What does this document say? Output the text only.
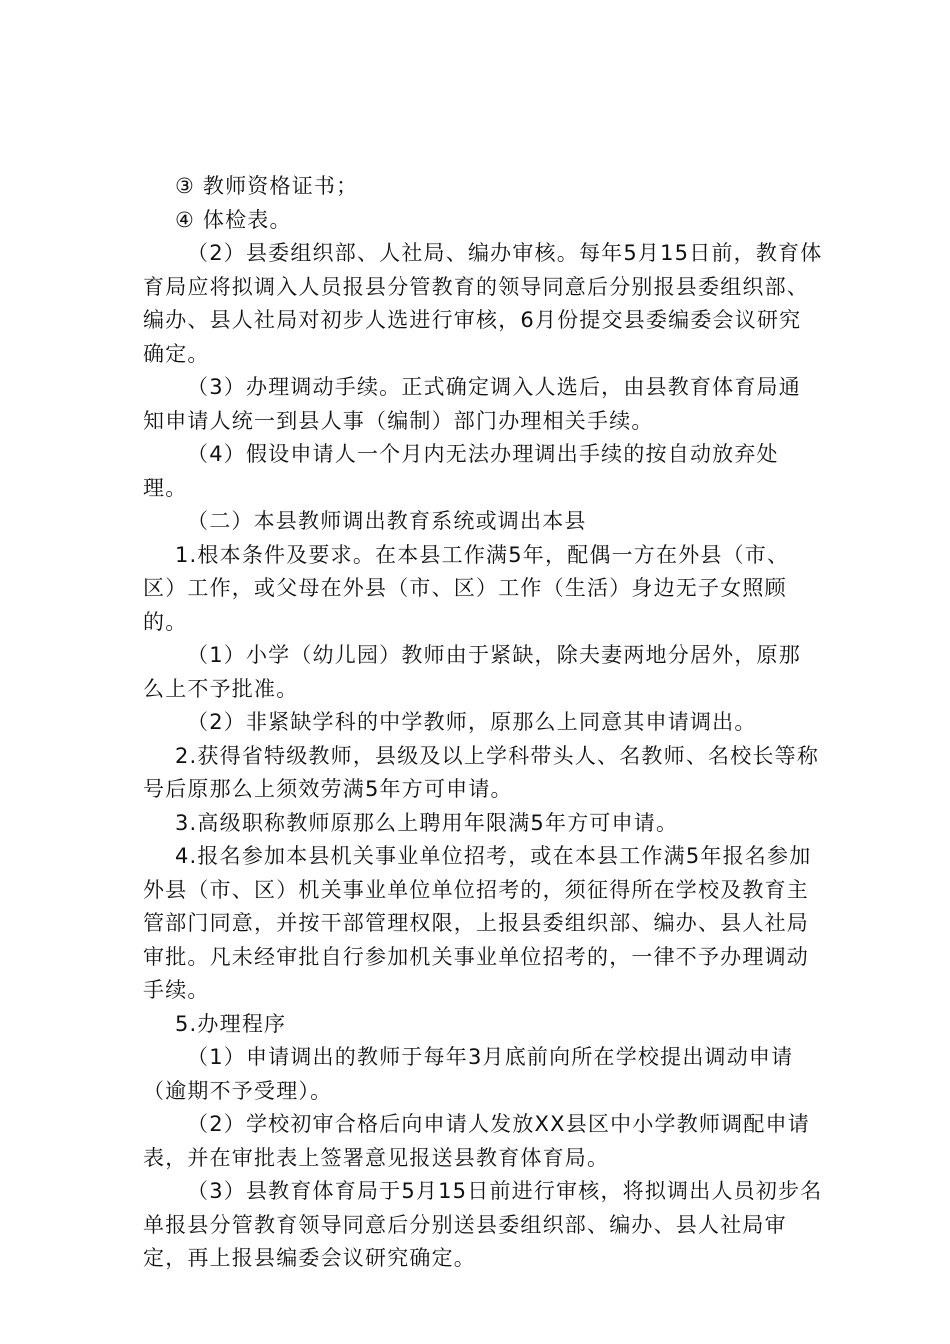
③ 教师资格证书；

④ 体检表。

（2）县委组织部、人社局、编办审核。每年5月15日前，教育体育局应将拟调入人员报县分管教育的领导同意后分别报县委组织部、编办、县人社局对初步人选进行审核，6月份提交县委编委会议研究确定。

（3）办理调动手续。正式确定调入人选后，由县教育体育局通知申请人统一到县人事（编制）部门办理相关手续。

（4）假设申请人一个月内无法办理调出手续的按自动放弃处理。

（二）本县教师调出教育系统或调出本县

1.根本条件及要求。在本县工作满5年，配偶一方在外县（市、区）工作，或父母在外县（市、区）工作（生活）身边无子女照顾的。

（1）小学（幼儿园）教师由于紧缺，除夫妻两地分居外，原那么上不予批准。

（2）非紧缺学科的中学教师，原那么上同意其申请调出。

2.获得省特级教师，县级及以上学科带头人、名教师、名校长等称号后原那么上须效劳满5年方可申请。

3.高级职称教师原那么上聘用年限满5年方可申请。

4.报名参加本县机关事业单位招考，或在本县工作满5年报名参加外县（市、区）机关事业单位单位招考的，须征得所在学校及教育主管部门同意，并按干部管理权限，上报县委组织部、编办、县人社局审批。凡未经审批自行参加机关事业单位招考的，一律不予办理调动手续。

5.办理程序

（1）申请调出的教师于每年3月底前向所在学校提出调动申请（逾期不予受理）。

（2）学校初审合格后向申请人发放XX县区中小学教师调配申请表，并在审批表上签署意见报送县教育体育局。

（3）县教育体育局于5月15日前进行审核，将拟调出人员初步名单报县分管教育领导同意后分别送县委组织部、编办、县人社局审定，再上报县编委会议研究确定。
